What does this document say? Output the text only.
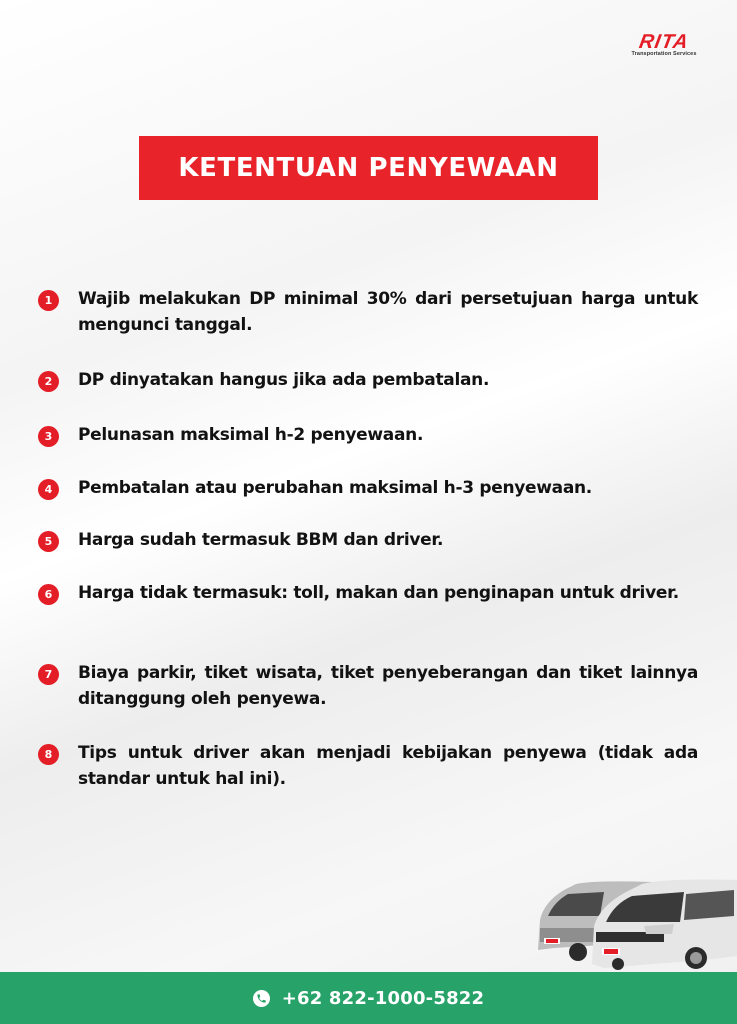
RITA
Transportation Services
KETENTUAN PENYEWAAN
1	Wajib melakukan DP minimal 30% dari persetujuan harga untuk mengunci tanggal.
2	DP dinyatakan hangus jika ada pembatalan.
3	Pelunasan maksimal h-2 penyewaan.
4	Pembatalan atau perubahan maksimal h-3 penyewaan.
5	Harga sudah termasuk BBM dan driver.
6	Harga tidak termasuk: toll, makan dan penginapan untuk driver.
7	Biaya parkir, tiket wisata, tiket penyeberangan dan tiket lainnya ditanggung oleh penyewa.
8	Tips untuk driver akan menjadi kebijakan penyewa (tidak ada standar untuk hal ini).
+62 822-1000-5822
